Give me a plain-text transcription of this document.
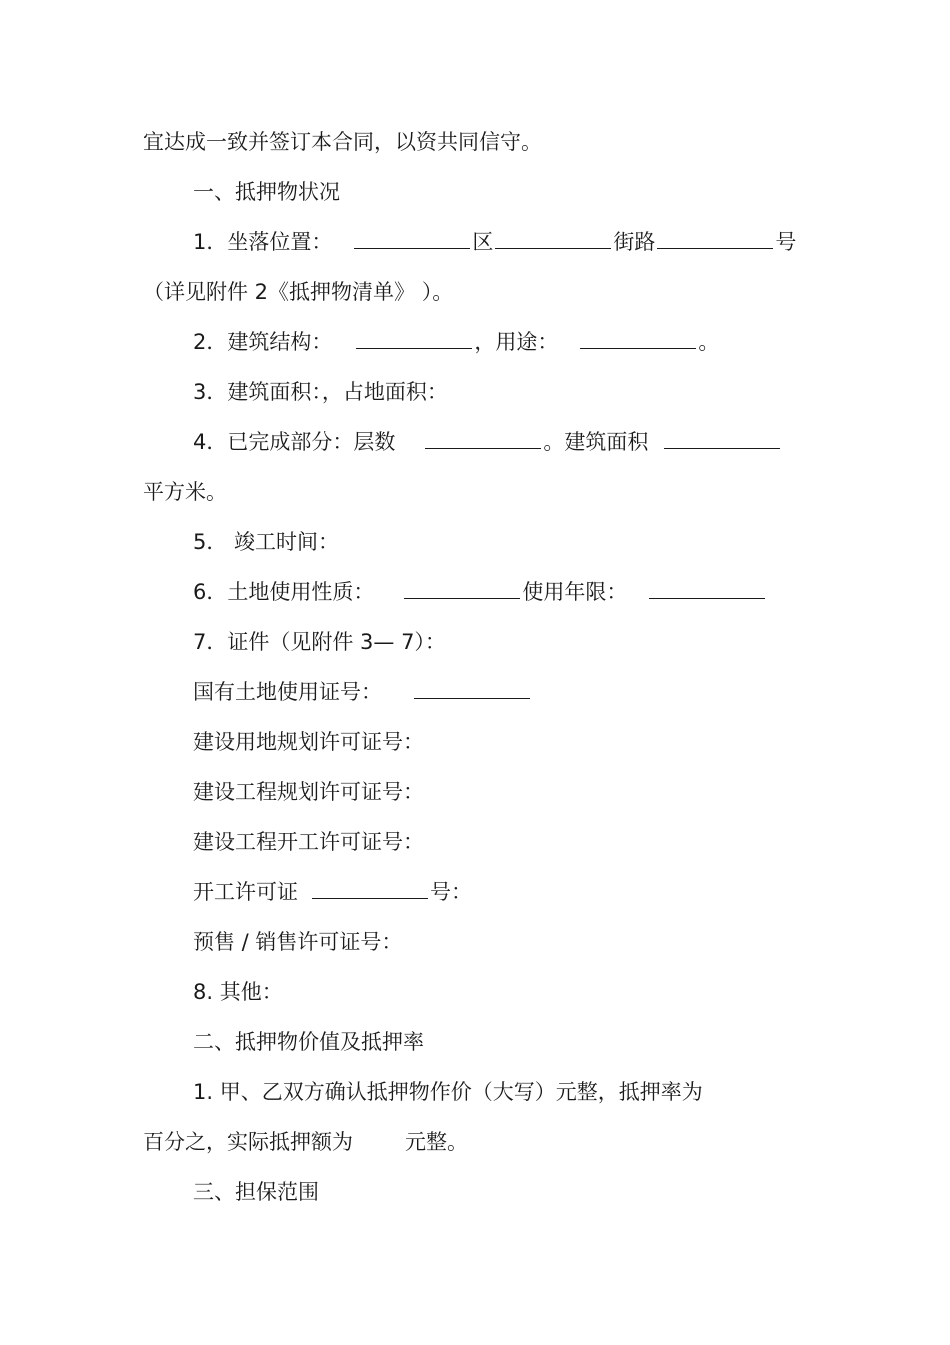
宜达成一致并签订本合同，以资共同信守。
一、抵押物状况
1．坐落位置：	区	街路	号
（详见附件 2《抵押物清单》 ）。
2．建筑结构：	，用途：	。
3．建筑面积：，占地面积：
4．已完成部分：层数	。建筑面积
平方米。
5． 竣工时间：
6．土地使用性质：	使用年限：
7．证件（见附件 3— 7）：
国有土地使用证号：
建设用地规划许可证号：
建设工程规划许可证号：
建设工程开工许可证号：
开工许可证	号：
预售 / 销售许可证号：
8. 其他：
二、抵押物价值及抵押率
1. 甲、乙双方确认抵押物作价（大写）元整，抵押率为
百分之，实际抵押额为 元整。
三、担保范围
